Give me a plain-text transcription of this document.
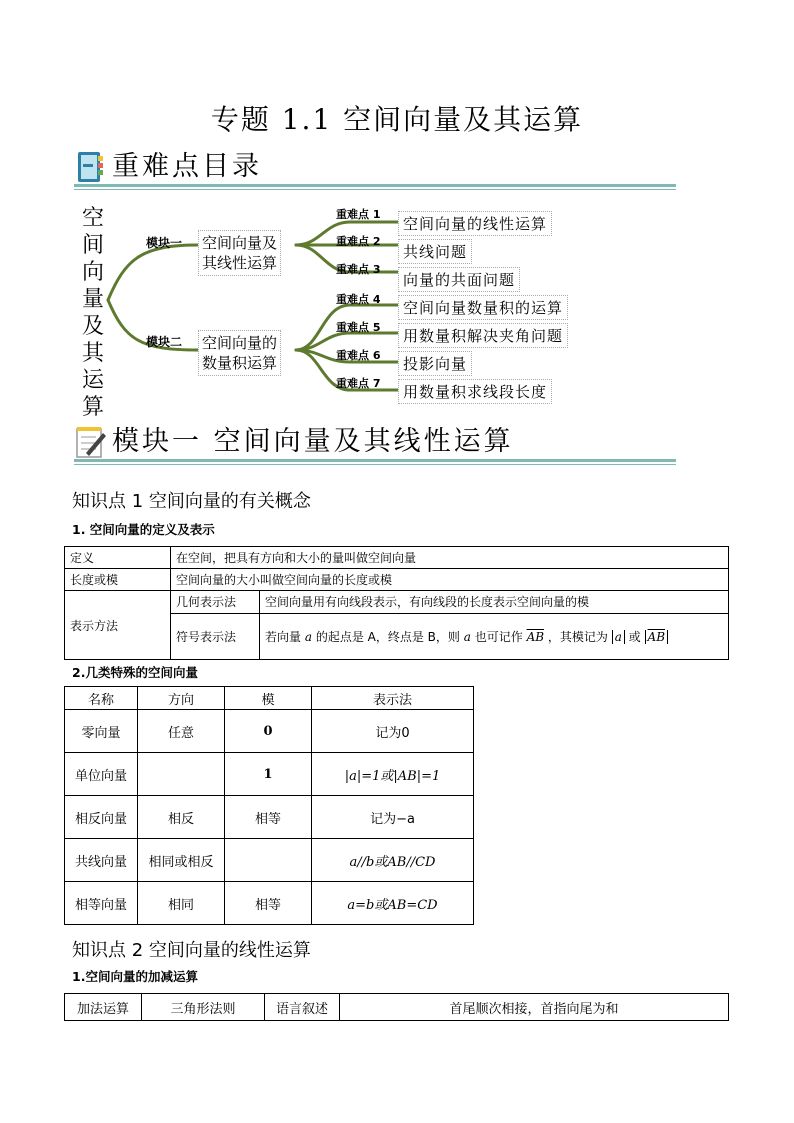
专题 1.1 空间向量及其运算
重难点目录
空间向量及其运算
模块一 空间向量及
其线性运算
模块二 空间向量的
数量积运算
重难点 1
空间向量的线性运算
重难点 2
共线问题
重难点 3
向量的共面问题
重难点 4	空间向量数量积的运算
重难点 5	用数量积解决夹角问题
重难点 6	投影向量
重难点 7	用数量积求线段长度
模块一 空间向量及其线性运算
知识点 1 空间向量的有关概念
1. 空间向量的定义及表示
定义	在空间，把具有方向和大小的量叫做空间向量	
长度或模	空间向量的大小叫做空间向量的长度或模	
表示方法	几何表示法	空间向量用有向线段表示，有向线段的长度表示空间向量的模
	符号表示法	若向量 a 的起点是 A，终点是 B，则 a 也可记作 $\overline{AB}$ ，其模记为 a 或 $\overline{AB}$
2.几类特殊的空间向量
名称	方向	模	表示法
零向量	任意	0	记为0
单位向量		1	|a|=1或|AB|=1
相反向量	相反	相等	记为−a
共线向量	相同或相反		a//b或AB//CD
相等向量	相同	相等	a=b或AB=CD
知识点 2 空间向量的线性运算
1.空间向量的加减运算
加法运算	三角形法则	语言叙述	首尾顺次相接，首指向尾为和
